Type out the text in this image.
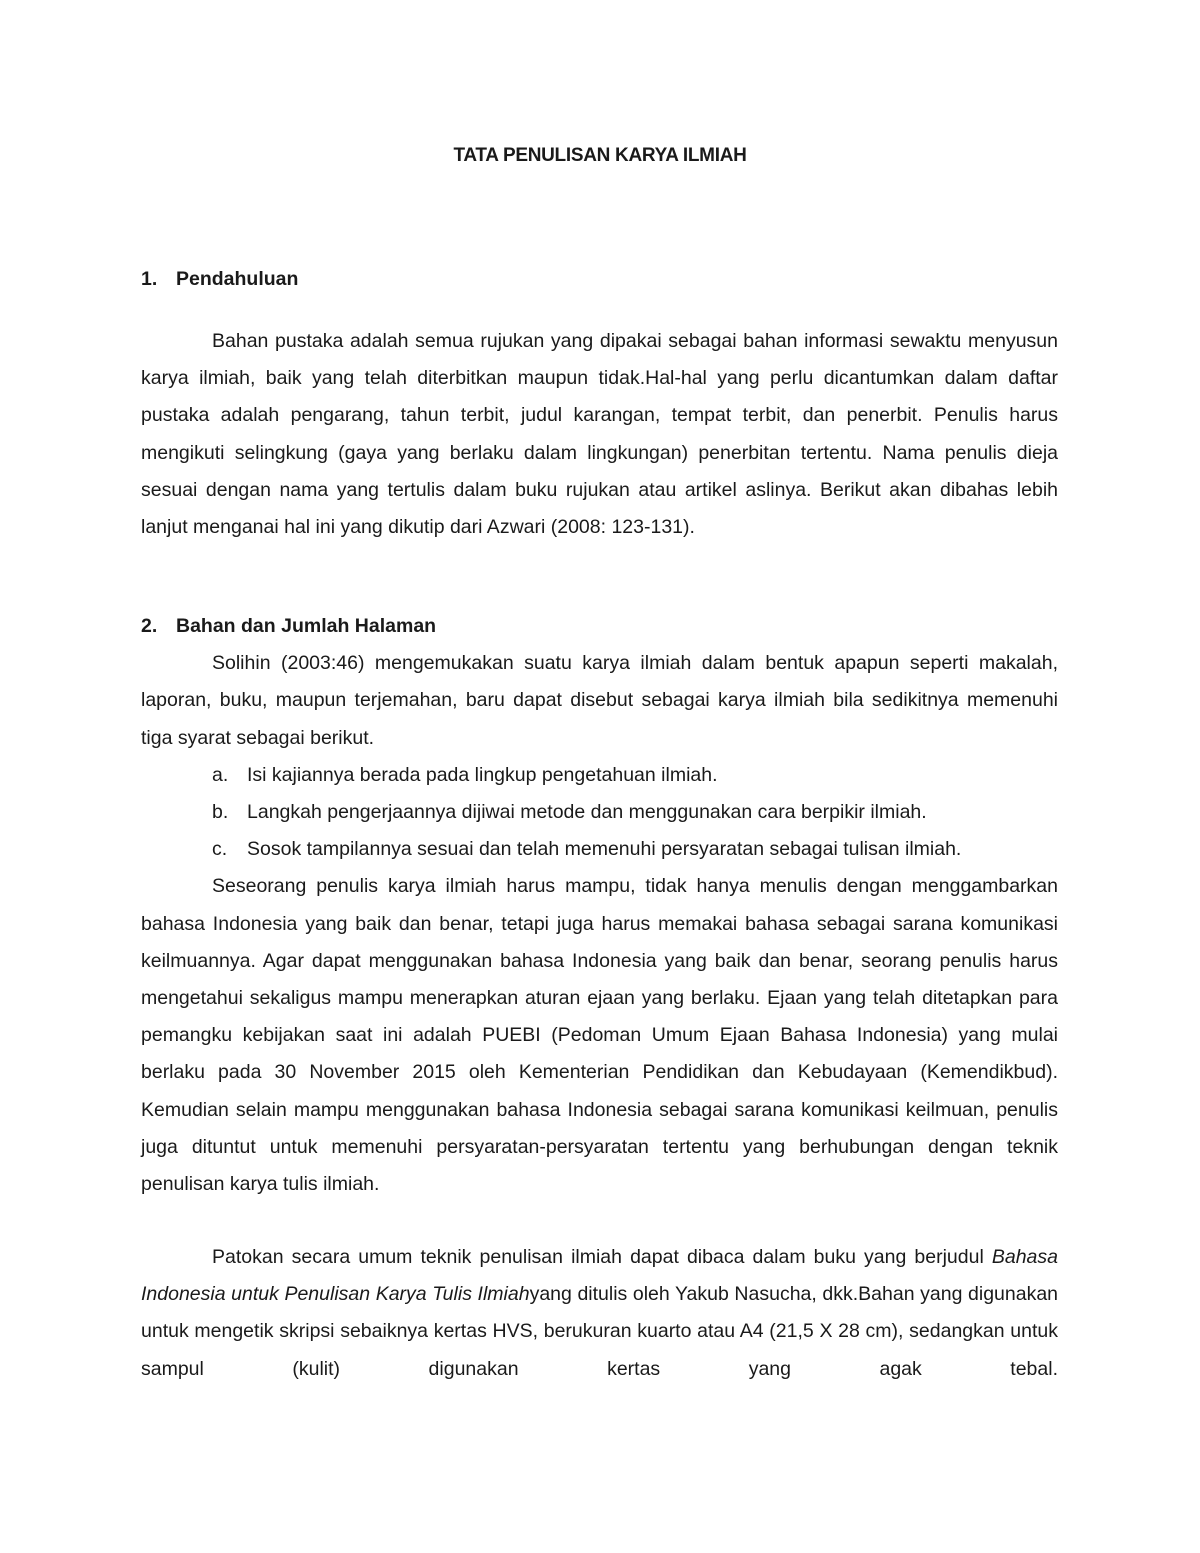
TATA PENULISAN KARYA ILMIAH
1. Pendahuluan

Bahan pustaka adalah semua rujukan yang dipakai sebagai bahan informasi sewaktu menyusun karya ilmiah, baik yang telah diterbitkan maupun tidak.Hal-hal yang perlu dicantumkan dalam daftar pustaka adalah pengarang, tahun terbit, judul karangan, tempat terbit, dan penerbit. Penulis harus mengikuti selingkung (gaya yang berlaku dalam lingkungan) penerbitan tertentu. Nama penulis dieja sesuai dengan nama yang tertulis dalam buku rujukan atau artikel aslinya. Berikut akan dibahas lebih lanjut menganai hal ini yang dikutip dari Azwari (2008: 123-131).

2. Bahan dan Jumlah Halaman

Solihin (2003:46) mengemukakan suatu karya ilmiah dalam bentuk apapun seperti makalah, laporan, buku, maupun terjemahan, baru dapat disebut sebagai karya ilmiah bila sedikitnya memenuhi tiga syarat sebagai berikut.

a. Isi kajiannya berada pada lingkup pengetahuan ilmiah.
b. Langkah pengerjaannya dijiwai metode dan menggunakan cara berpikir ilmiah.
c.	Sosok tampilannya sesuai dan telah memenuhi persyaratan sebagai tulisan ilmiah.

Seseorang penulis karya ilmiah harus mampu, tidak hanya menulis dengan menggambarkan bahasa Indonesia yang baik dan benar, tetapi juga harus memakai bahasa sebagai sarana komunikasi keilmuannya. Agar dapat menggunakan bahasa Indonesia yang baik dan benar, seorang penulis harus mengetahui sekaligus mampu menerapkan aturan ejaan yang berlaku. Ejaan yang telah ditetapkan para pemangku kebijakan saat ini adalah PUEBI (Pedoman Umum Ejaan Bahasa Indonesia) yang mulai berlaku pada 30 November 2015 oleh Kementerian Pendidikan dan Kebudayaan (Kemendikbud). Kemudian selain mampu menggunakan bahasa Indonesia sebagai sarana komunikasi keilmuan, penulis juga dituntut untuk memenuhi persyaratan-persyaratan tertentu yang berhubungan dengan teknik penulisan karya tulis ilmiah.

Patokan secara umum teknik penulisan ilmiah dapat dibaca dalam buku yang berjudul Bahasa Indonesia untuk Penulisan Karya Tulis Ilmiahyang ditulis oleh Yakub Nasucha, dkk.Bahan yang digunakan untuk mengetik skripsi sebaiknya kertas HVS, berukuran kuarto atau A4 (21,5 X 28 cm), sedangkan untuk sampul (kulit) digunakan kertas yang agak tebal.
